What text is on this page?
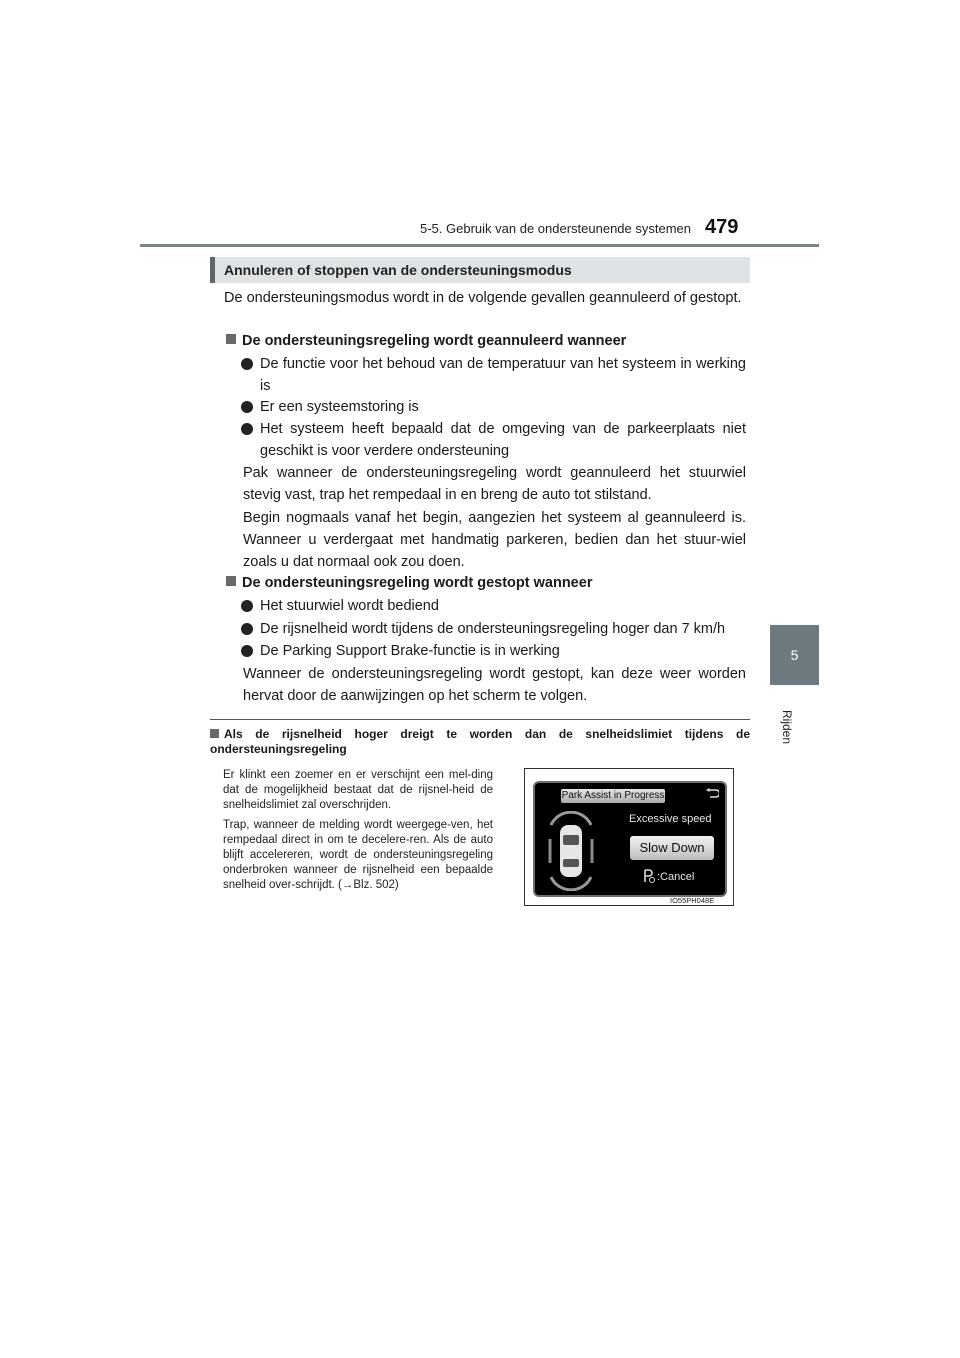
5-5. Gebruik van de ondersteunende systemen 479
5
Rijden
Annuleren of stoppen van de ondersteuningsmodus
De ondersteuningsmodus wordt in de volgende gevallen geannuleerd of gestopt.
De ondersteuningsregeling wordt geannuleerd wanneer
De functie voor het behoud van de temperatuur van het systeem in werking is
Er een systeemstoring is
Het systeem heeft bepaald dat de omgeving van de parkeerplaats niet geschikt is voor verdere ondersteuning
Pak wanneer de ondersteuningsregeling wordt geannuleerd het stuurwiel stevig vast, trap het rempedaal in en breng de auto tot stilstand.
Begin nogmaals vanaf het begin, aangezien het systeem al geannuleerd is. Wanneer u verdergaat met handmatig parkeren, bedien dan het stuur-wiel zoals u dat normaal ook zou doen.
De ondersteuningsregeling wordt gestopt wanneer
Het stuurwiel wordt bediend
De rijsnelheid wordt tijdens de ondersteuningsregeling hoger dan 7 km/h
De Parking Support Brake-functie is in werking
Wanneer de ondersteuningsregeling wordt gestopt, kan deze weer worden hervat door de aanwijzingen op het scherm te volgen.
Als de rijsnelheid hoger dreigt te worden dan de snelheidslimiet tijdens de ondersteuningsregeling
Er klinkt een zoemer en er verschijnt een mel-ding dat de mogelijkheid bestaat dat de rijsnel-heid de snelheidslimiet zal overschrijden.
Trap, wanneer de melding wordt weergege-ven, het rempedaal direct in om te decelere-ren. Als de auto blijft accelereren, wordt de ondersteuningsregeling onderbroken wanneer de rijsnelheid een bepaalde snelheid over-schrijdt. (→Blz. 502)
Park Assist in Progress
Excessive speed
Slow Down
:Cancel
IO55PH048E
